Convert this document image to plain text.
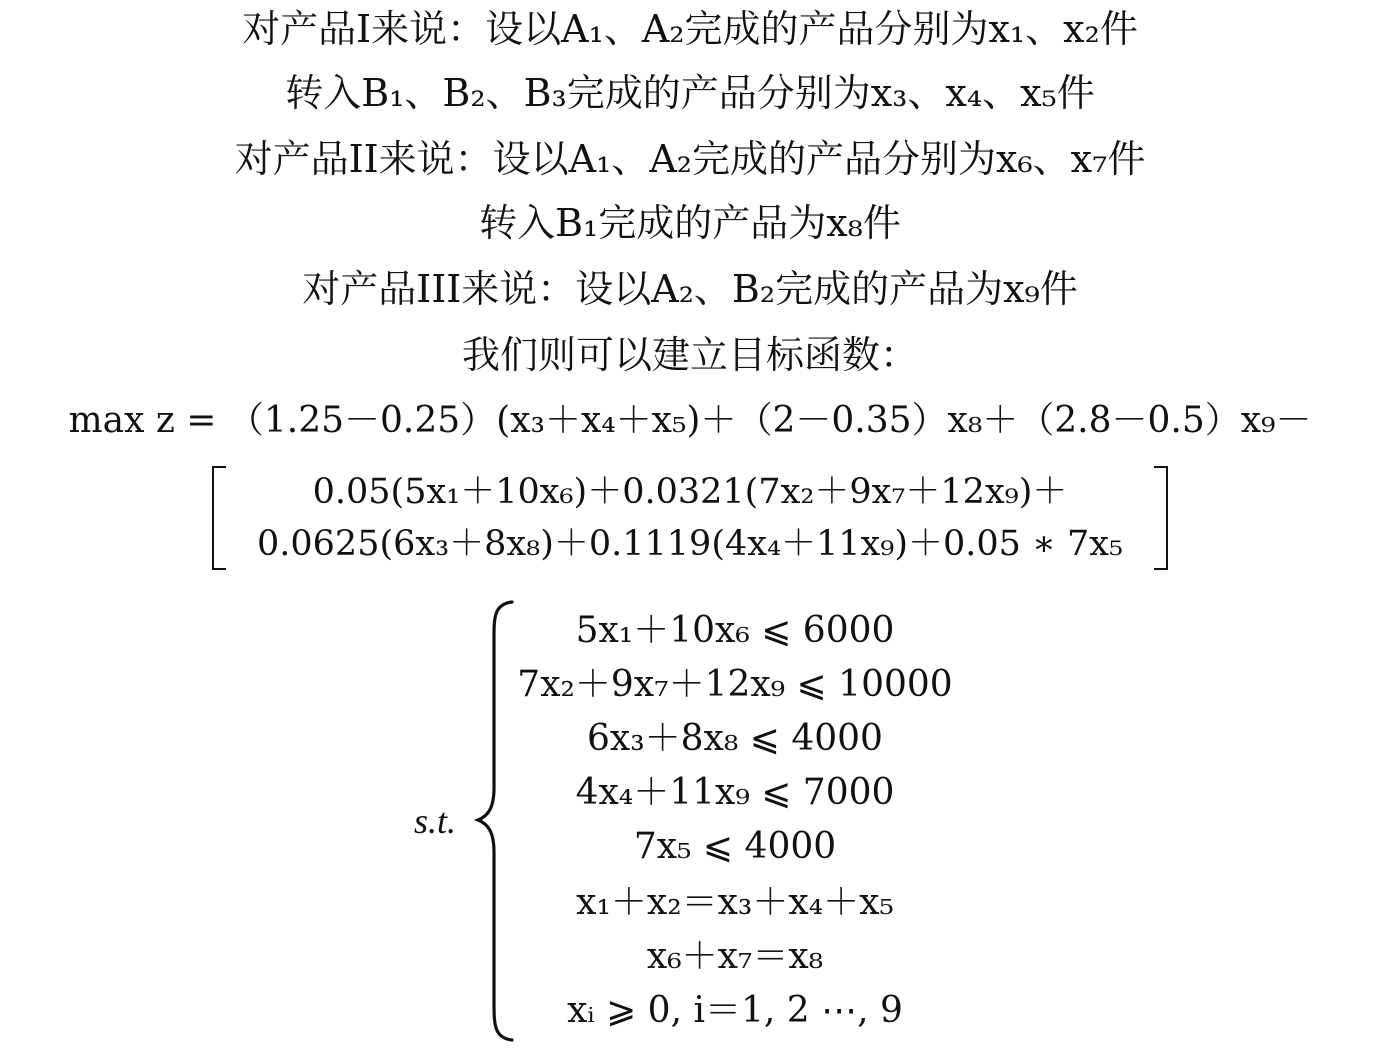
对产品I来说：设以A₁、A₂完成的产品分别为x₁、x₂件
转入B₁、B₂、B₃完成的产品分别为x₃、x₄、x₅件
对产品II来说：设以A₁、A₂完成的产品分别为x₆、x₇件
转入B₁完成的产品为x₈件
对产品III来说：设以A₂、B₂完成的产品为x₉件
我们则可以建立目标函数：
max z = （1.25－0.25）(x₃＋x₄＋x₅)＋（2－0.35）x₈＋（2.8－0.5）x₉－
0.05(5x₁＋10x₆)＋0.0321(7x₂＋9x₇＋12x₉)＋
0.0625(6x₃＋8x₈)＋0.1119(4x₄＋11x₉)＋0.05 ∗ 7x₅
s.t.
5x₁＋10x₆ ⩽ 6000
7x₂＋9x₇＋12x₉ ⩽ 10000
6x₃＋8x₈ ⩽ 4000
4x₄＋11x₉ ⩽ 7000
7x₅ ⩽ 4000
x₁＋x₂＝x₃＋x₄＋x₅
x₆＋x₇＝x₈
xᵢ ⩾ 0, i＝1, 2 ⋯, 9
